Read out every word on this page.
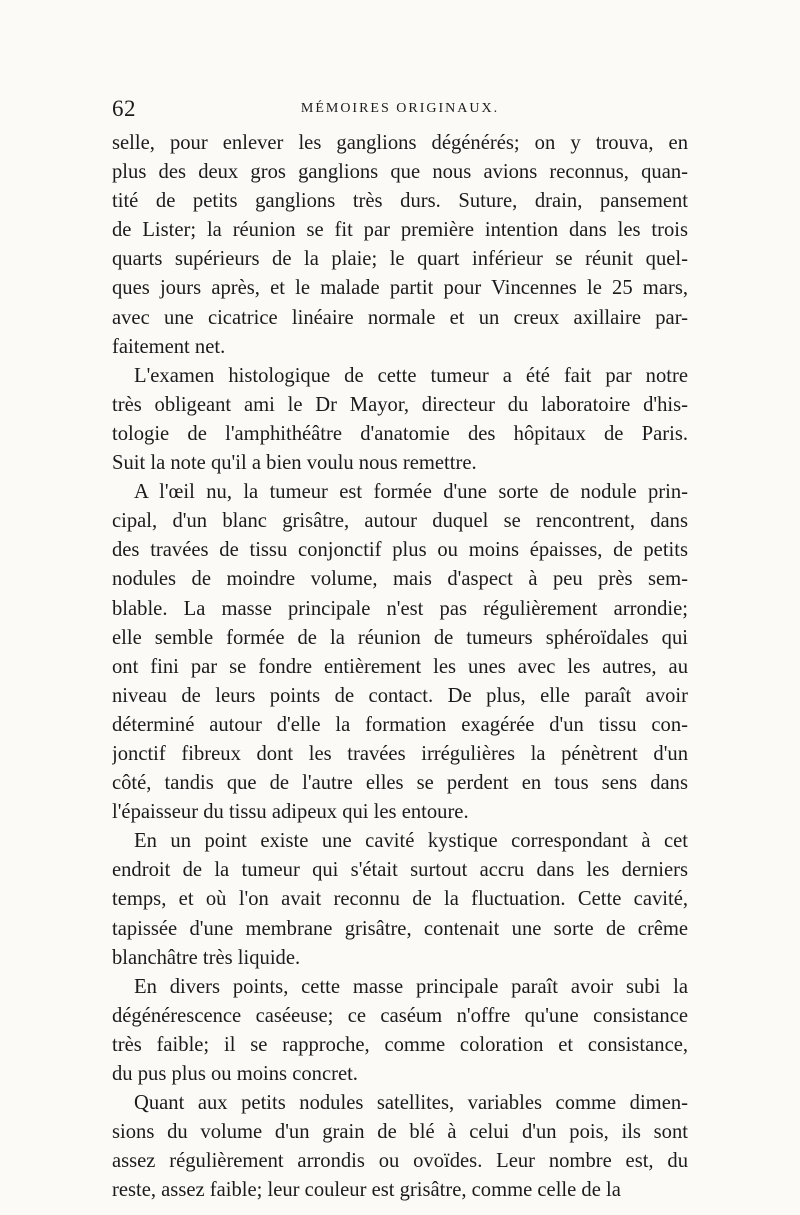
62	MÉMOIRES ORIGINAUX.
selle, pour enlever les ganglions dégénérés; on y trouva, en
plus des deux gros ganglions que nous avions reconnus, quan-
tité de petits ganglions très durs. Suture, drain, pansement
de Lister; la réunion se fit par première intention dans les trois
quarts supérieurs de la plaie; le quart inférieur se réunit quel-
ques jours après, et le malade partit pour Vincennes le 25 mars,
avec une cicatrice linéaire normale et un creux axillaire par-
faitement net.
L'examen histologique de cette tumeur a été fait par notre
très obligeant ami le Dr Mayor, directeur du laboratoire d'his-
tologie de l'amphithéâtre d'anatomie des hôpitaux de Paris.
Suit la note qu'il a bien voulu nous remettre.
A l'œil nu, la tumeur est formée d'une sorte de nodule prin-
cipal, d'un blanc grisâtre, autour duquel se rencontrent, dans
des travées de tissu conjonctif plus ou moins épaisses, de petits
nodules de moindre volume, mais d'aspect à peu près sem-
blable. La masse principale n'est pas régulièrement arrondie;
elle semble formée de la réunion de tumeurs sphéroïdales qui
ont fini par se fondre entièrement les unes avec les autres, au
niveau de leurs points de contact. De plus, elle paraît avoir
déterminé autour d'elle la formation exagérée d'un tissu con-
jonctif fibreux dont les travées irrégulières la pénètrent d'un
côté, tandis que de l'autre elles se perdent en tous sens dans
l'épaisseur du tissu adipeux qui les entoure.
En un point existe une cavité kystique correspondant à cet
endroit de la tumeur qui s'était surtout accru dans les derniers
temps, et où l'on avait reconnu de la fluctuation. Cette cavité,
tapissée d'une membrane grisâtre, contenait une sorte de crême
blanchâtre très liquide.
En divers points, cette masse principale paraît avoir subi la
dégénérescence caséeuse; ce caséum n'offre qu'une consistance
très faible; il se rapproche, comme coloration et consistance,
du pus plus ou moins concret.
Quant aux petits nodules satellites, variables comme dimen-
sions du volume d'un grain de blé à celui d'un pois, ils sont
assez régulièrement arrondis ou ovoïdes. Leur nombre est, du
reste, assez faible; leur couleur est grisâtre, comme celle de la
